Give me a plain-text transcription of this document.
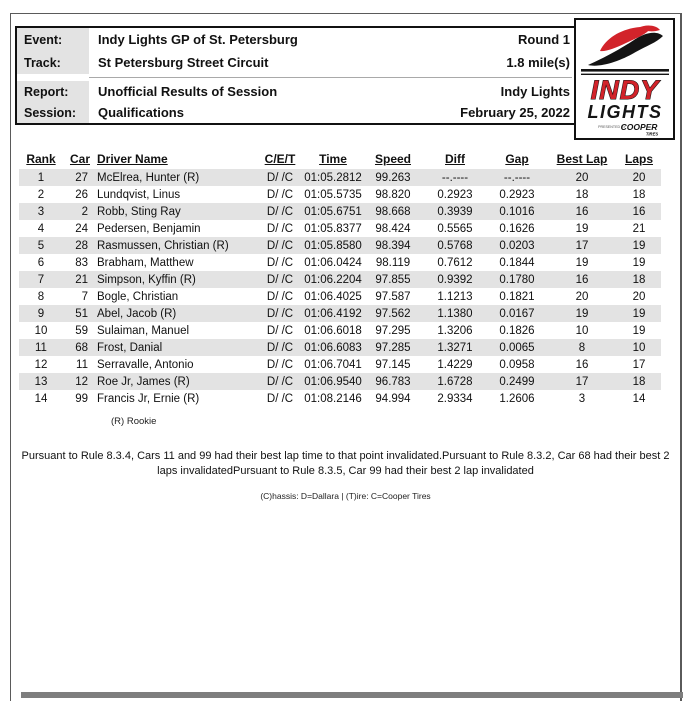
Event:	Indy Lights GP of St. Petersburg	Round 1
Track:	St Petersburg Street Circuit	1.8 mile(s)
Report:	Unofficial Results of Session	Indy Lights
Session:	Qualifications	February 25, 2022
INDY
LIGHTS
PRESENTED BY
COOPER
TIRES
Rank	Car	Driver Name	C/E/T	Time	Speed	Diff	Gap	Best Lap	Laps
1	27	McElrea, Hunter (R)	D/ /C	01:05.2812	99.263	--.----	--.----	20	20
2	26	Lundqvist, Linus	D/ /C	01:05.5735	98.820	0.2923	0.2923	18	18
3	2	Robb, Sting Ray	D/ /C	01:05.6751	98.668	0.3939	0.1016	16	16
4	24	Pedersen, Benjamin	D/ /C	01:05.8377	98.424	0.5565	0.1626	19	21
5	28	Rasmussen, Christian (R)	D/ /C	01:05.8580	98.394	0.5768	0.0203	17	19
6	83	Brabham, Matthew	D/ /C	01:06.0424	98.119	0.7612	0.1844	19	19
7	21	Simpson, Kyffin (R)	D/ /C	01:06.2204	97.855	0.9392	0.1780	16	18
8	7	Bogle, Christian	D/ /C	01:06.4025	97.587	1.1213	0.1821	20	20
9	51	Abel, Jacob (R)	D/ /C	01:06.4192	97.562	1.1380	0.0167	19	19
10	59	Sulaiman, Manuel	D/ /C	01:06.6018	97.295	1.3206	0.1826	10	19
11	68	Frost, Danial	D/ /C	01:06.6083	97.285	1.3271	0.0065	8	10
12	11	Serravalle, Antonio	D/ /C	01:06.7041	97.145	1.4229	0.0958	16	17
13	12	Roe Jr, James (R)	D/ /C	01:06.9540	96.783	1.6728	0.2499	17	18
14	99	Francis Jr, Ernie (R)	D/ /C	01:08.2146	94.994	2.9334	1.2606	3	14
(R) Rookie
Pursuant to Rule 8.3.4, Cars 11 and 99 had their best lap time to that point invalidated.Pursuant to Rule 8.3.2, Car 68 had their best 2 laps invalidatedPursuant to Rule 8.3.5, Car 99 had their best 2 lap invalidated
(C)hassis: D=Dallara | (T)ire: C=Cooper Tires
